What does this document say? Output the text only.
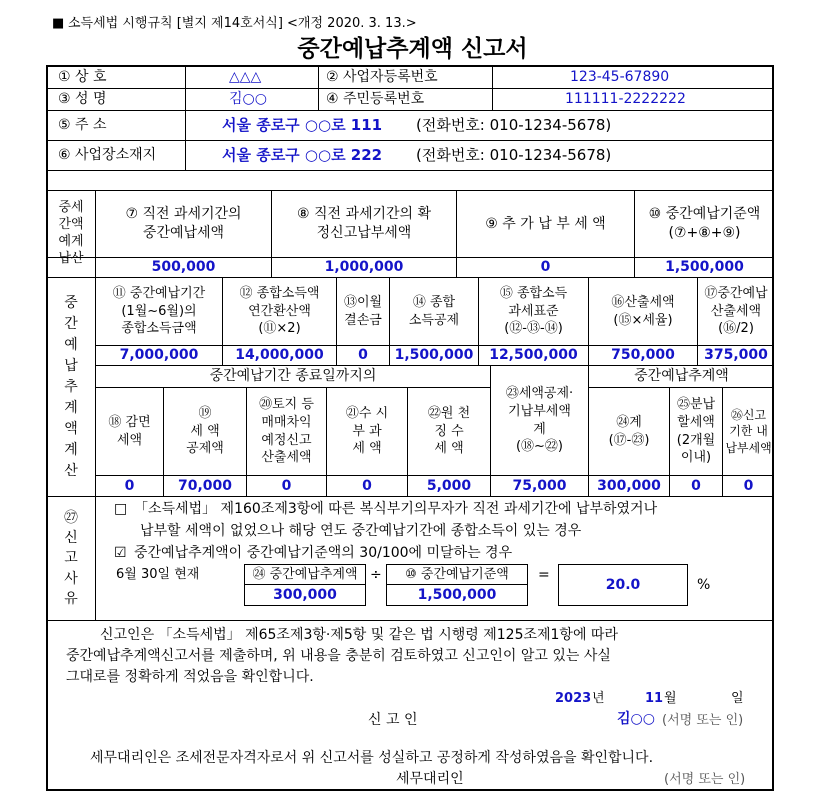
■ 소득세법 시행규칙 [별지 제14호서식] <개정 2020. 3. 13.>
중간예납추계액 신고서
① 상 호	△△△	② 사업자등록번호	123-45-67890
③ 성 명	김○○	④ 주민등록번호	111111-2222222
⑤ 주 소	서울 종로구 ○○로 111 (전화번호: 010-1234-5678)
⑥ 사업장소재지	서울 종로구 ○○로 222 (전화번호: 010-1234-5678)
중세
간액
예계
납산
⑦ 직전 과세기간의
중간예납세액
⑧ 직전 과세기간의 확
정신고납부세액
⑨ 추 가 납 부 세 액
⑩ 중간예납기준액
(⑦+⑧+⑨)
500,000	1,000,000	0	1,500,000
중
간
예
납
추
계
액
계
산
⑪ 중간예납기간
(1월~6월)의
종합소득금액
⑫ 종합소득액
연간환산액
(⑪×2)
⑬이월
결손금
⑭ 종합
소득공제
⑮ 종합소득
과세표준
(⑫-⑬-⑭)
⑯산출세액
(⑮×세율)
⑰중간예납
산출세액
(⑯/2)
7,000,000	14,000,000	0	1,500,000	12,500,000	750,000	375,000
중간예납기간 종료일까지의	중간예납추계액
⑱ 감면
세액
⑲
세 액
공제액
⑳토지 등
매매차익
예정신고
산출세액
㉑수 시
부 과
세 액
㉒원 천
징 수
세 액
㉓세액공제·
기납부세액
계
(⑱~㉒)
㉔계
(⑰-㉓)
㉕분납
할세액
(2개월
이내)
㉖신고
기한 내
납부세액
0	70,000	0	0	5,000	75,000	300,000	0	0
㉗
신
고
사
유
□ 「소득세법」 제160조제3항에 따른 복식부기의무자가 직전 과세기간에 납부하였거나
납부할 세액이 없었으나 해당 연도 중간예납기간에 종합소득이 있는 경우
☑ 중간예납추계액이 중간예납기준액의 30/100에 미달하는 경우
6월 30일 현재	㉔ 중간예납추계액
300,000
÷	⑩ 중간예납기준액
1,500,000
=
20.0	%
신고인은 「소득세법」 제65조제3항·제5항 및 같은 법 시행령 제125조제1항에 따라
중간예납추계액신고서를 제출하며, 위 내용을 충분히 검토하였고 신고인이 알고 있는 사실
그대로를 정확하게 적었음을 확인합니다.
2023 년	11 월	일
신 고 인	김○○ (서명 또는 인)
세무대리인은 조세전문자격자로서 위 신고서를 성실하고 공정하게 작성하였음을 확인합니다.
세무대리인	(서명 또는 인)
